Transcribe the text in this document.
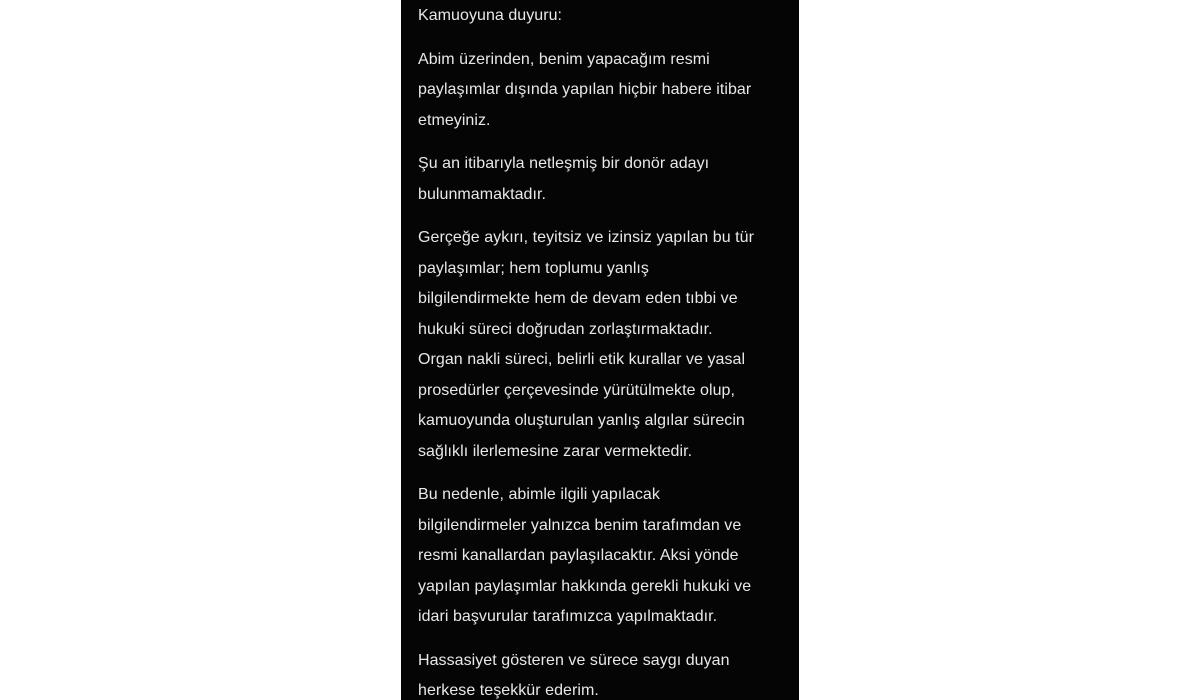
Kamuoyuna duyuru:
Abim üzerinden, benim yapacağım resmi
paylaşımlar dışında yapılan hiçbir habere itibar
etmeyiniz.
Şu an itibarıyla netleşmiş bir donör adayı
bulunmamaktadır.
Gerçeğe aykırı, teyitsiz ve izinsiz yapılan bu tür
paylaşımlar; hem toplumu yanlış
bilgilendirmekte hem de devam eden tıbbi ve
hukuki süreci doğrudan zorlaştırmaktadır.
Organ nakli süreci, belirli etik kurallar ve yasal
prosedürler çerçevesinde yürütülmekte olup,
kamuoyunda oluşturulan yanlış algılar sürecin
sağlıklı ilerlemesine zarar vermektedir.
Bu nedenle, abimle ilgili yapılacak
bilgilendirmeler yalnızca benim tarafımdan ve
resmi kanallardan paylaşılacaktır. Aksi yönde
yapılan paylaşımlar hakkında gerekli hukuki ve
idari başvurular tarafımızca yapılmaktadır.
Hassasiyet gösteren ve sürece saygı duyan
herkese teşekkür ederim.
